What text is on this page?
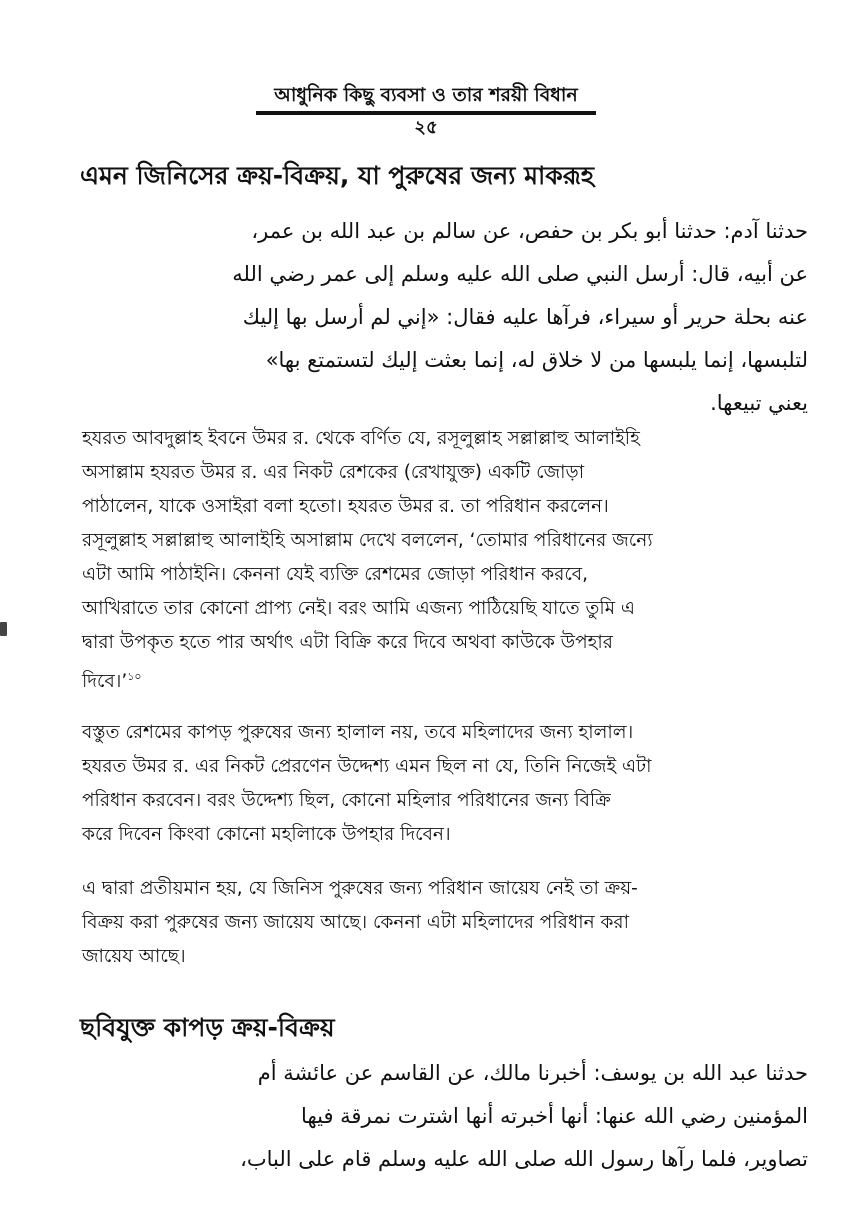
আধুনিক কিছু ব্যবসা ও তার শরয়ী বিধান
২৫
এমন জিনিসের ক্রয়-বিক্রয়, যা পুরুষের জন্য মাকরূহ
حدثنا آدم: حدثنا أبو بكر بن حفص، عن سالم بن عبد الله بن عمر،
عن أبيه، قال: أرسل النبي صلى الله عليه وسلم إلى عمر رضي الله
عنه بحلة حرير أو سيراء، فرآها عليه فقال: «إني لم أرسل بها إليك
لتلبسها، إنما يلبسها من لا خلاق له، إنما بعثت إليك لتستمتع بها»
يعني تبيعها.
হযরত আবদুল্লাহ ইবনে উমর র. থেকে বর্ণিত যে, রসূলুল্লাহ সল্লাল্লাহু আলাইহি
অসাল্লাম হযরত উমর র. এর নিকট রেশকের (রেখাযুক্ত) একটি জোড়া
পাঠালেন, যাকে ওসাইরা বলা হতো। হযরত উমর র. তা পরিধান করলেন।
রসূলুল্লাহ সল্লাল্লাহু আলাইহি অসাল্লাম দেখে বললেন, ‘তোমার পরিধানের জন্যে
এটা আমি পাঠাইনি। কেননা যেই ব্যক্তি রেশমের জোড়া পরিধান করবে,
আখিরাতে তার কোনো প্রাপ্য নেই। বরং আমি এজন্য পাঠিয়েছি যাতে তুমি এ
দ্বারা উপকৃত হতে পার অর্থাৎ এটা বিক্রি করে দিবে অথবা কাউকে উপহার
দিবে।’$^{১০}$
বস্তুত রেশমের কাপড় পুরুষের জন্য হালাল নয়, তবে মহিলাদের জন্য হালাল।
হযরত উমর র. এর নিকট প্রেরণেন উদ্দেশ্য এমন ছিল না যে, তিনি নিজেই এটা
পরিধান করবেন। বরং উদ্দেশ্য ছিল, কোনো মহিলার পরিধানের জন্য বিক্রি
করে দিবেন কিংবা কোনো মহলিাকে উপহার দিবেন।
এ দ্বারা প্রতীয়মান হয়, যে জিনিস পুরুষের জন্য পরিধান জায়েয নেই তা ক্রয়-
বিক্রয় করা পুরুষের জন্য জায়েয আছে। কেননা এটা মহিলাদের পরিধান করা
জায়েয আছে।
ছবিযুক্ত কাপড় ক্রয়-বিক্রয়
حدثنا عبد الله بن يوسف: أخبرنا مالك، عن القاسم عن عائشة أم
المؤمنين رضي الله عنها: أنها أخبرته أنها اشترت نمرقة فيها
تصاوير، فلما رآها رسول الله صلى الله عليه وسلم قام على الباب،
